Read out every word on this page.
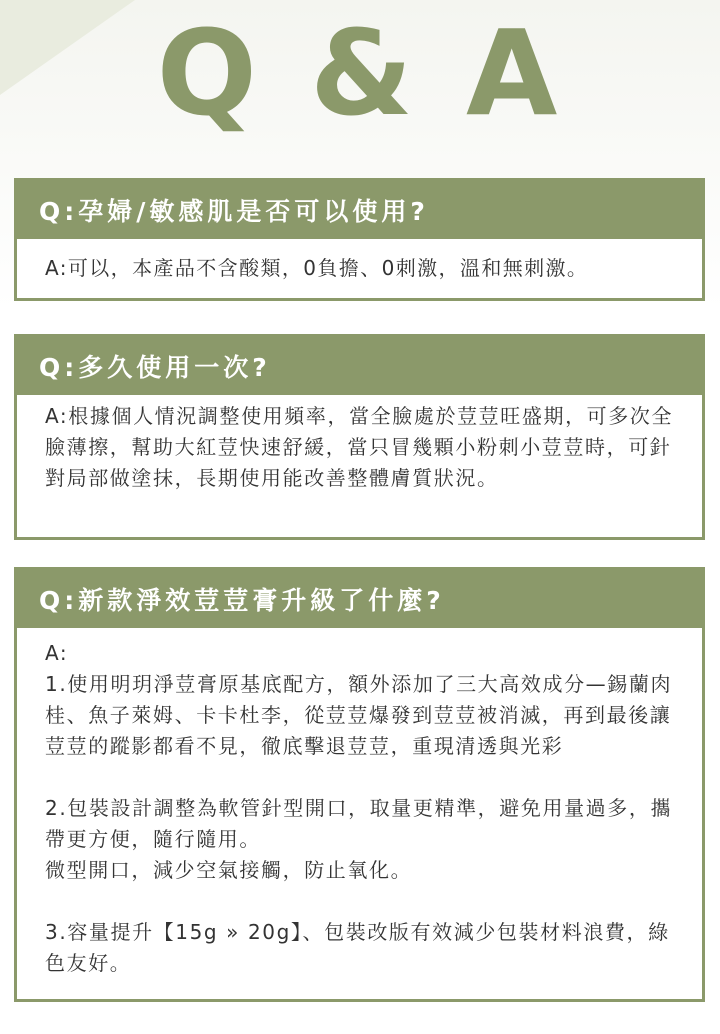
Q & A
Q:孕婦/敏感肌是否可以使用?
A:可以，本產品不含酸類，0負擔、0刺激，溫和無刺激。
Q:多久使用一次?
A:根據個人情況調整使用頻率，當全臉處於荳荳旺盛期，可多次全臉薄擦，幫助大紅荳快速舒緩，當只冒幾顆小粉刺小荳荳時，可針對局部做塗抹，長期使用能改善整體膚質狀況。
Q:新款淨效荳荳膏升級了什麼?
A:
1.使用明玥淨荳膏原基底配方，額外添加了三大高效成分—錫蘭肉桂、魚子萊姆、卡卡杜李，從荳荳爆發到荳荳被消滅，再到最後讓荳荳的蹤影都看不見，徹底擊退荳荳，重現清透與光彩

2.包裝設計調整為軟管針型開口，取量更精準，避免用量過多，攜帶更方便，隨行隨用。
微型開口，減少空氣接觸，防止氧化。

3.容量提升【15g » 20g】、包裝改版有效減少包裝材料浪費，綠色友好。
